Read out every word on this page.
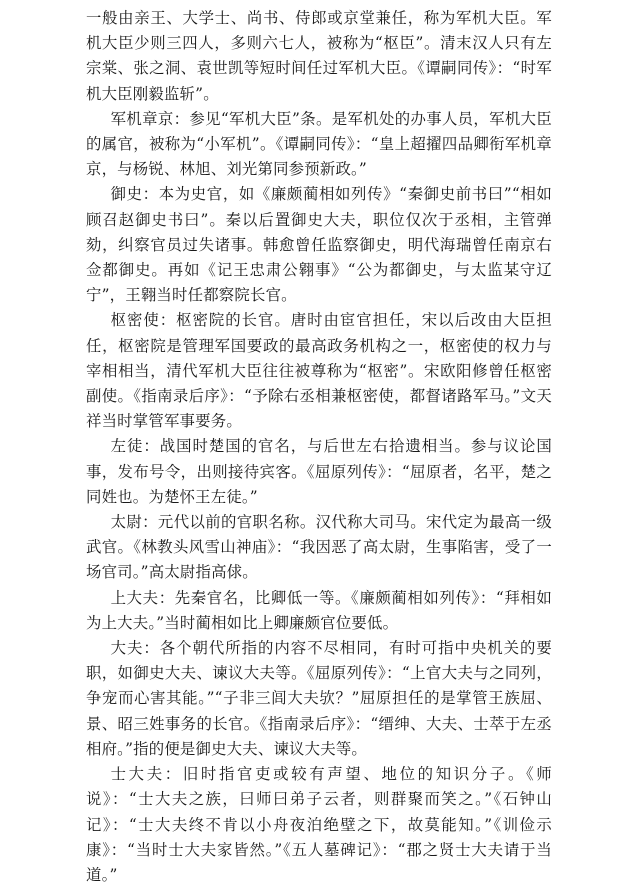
一般由亲王、大学士、尚书、侍郎或京堂兼任，称为军机大臣。军机大臣少则三四人，多则六七人，被称为“枢臣”。清末汉人只有左宗棠、张之洞、袁世凯等短时间任过军机大臣。《谭嗣同传》：“时军机大臣刚毅监斩”。

军机章京：参见“军机大臣”条。是军机处的办事人员，军机大臣的属官，被称为“小军机”。《谭嗣同传》：“皇上超擢四品卿衔军机章京，与杨锐、林旭、刘光第同参预新政。”

御史：本为史官，如《廉颇蔺相如列传》“秦御史前书曰”“相如顾召赵御史书曰”。秦以后置御史大夫，职位仅次于丞相，主管弹劾，纠察官员过失诸事。韩愈曾任监察御史，明代海瑞曾任南京右佥都御史。再如《记王忠肃公翱事》“公为都御史，与太监某守辽宁”，王翱当时任都察院长官。

枢密使：枢密院的长官。唐时由宦官担任，宋以后改由大臣担任，枢密院是管理军国要政的最高政务机构之一，枢密使的权力与宰相相当，清代军机大臣往往被尊称为“枢密”。宋欧阳修曾任枢密副使。《指南录后序》：“予除右丞相兼枢密使，都督诸路军马。”文天祥当时掌管军事要务。

左徒：战国时楚国的官名，与后世左右拾遗相当。参与议论国事，发布号令，出则接待宾客。《屈原列传》：“屈原者，名平，楚之同姓也。为楚怀王左徒。”

太尉：元代以前的官职名称。汉代称大司马。宋代定为最高一级武官。《林教头风雪山神庙》：“我因恶了高太尉，生事陷害，受了一场官司。”高太尉指高俅。

上大夫：先秦官名，比卿低一等。《廉颇蔺相如列传》：“拜相如为上大夫。”当时蔺相如比上卿廉颇官位要低。

大夫：各个朝代所指的内容不尽相同，有时可指中央机关的要职，如御史大夫、谏议大夫等。《屈原列传》：“上官大夫与之同列，争宠而心害其能。”“子非三闾大夫欤？”屈原担任的是掌管王族屈、景、昭三姓事务的长官。《指南录后序》：“缙绅、大夫、士萃于左丞相府。”指的便是御史大夫、谏议大夫等。

士大夫：旧时指官吏或较有声望、地位的知识分子。《师说》：“士大夫之族，曰师曰弟子云者，则群聚而笑之。”《石钟山记》：“士大夫终不肯以小舟夜泊绝壁之下，故莫能知。”《训俭示康》：“当时士大夫家皆然。”《五人墓碑记》：“郡之贤士大夫请于当道。”
